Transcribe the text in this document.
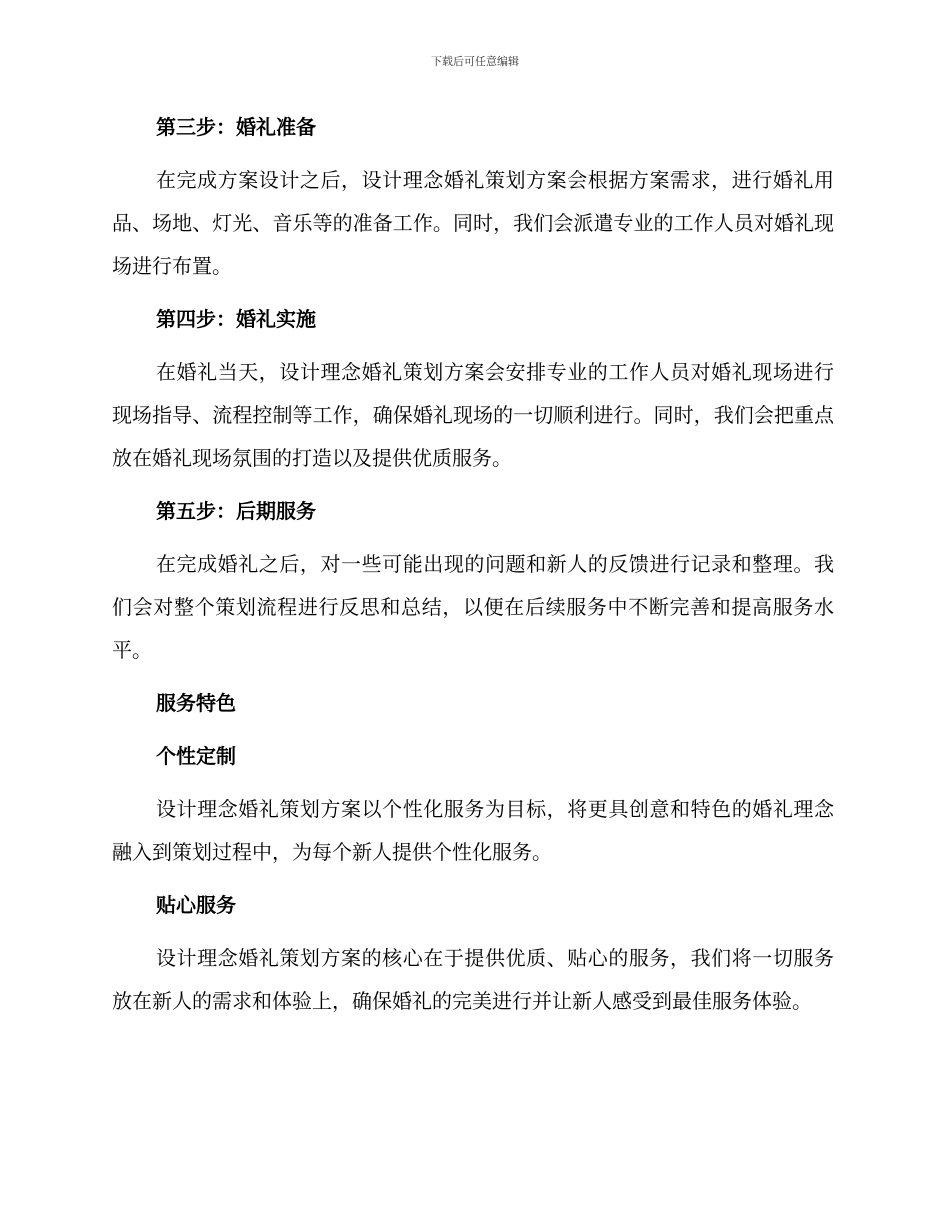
下载后可任意编辑
第三步：婚礼准备

在完成方案设计之后，设计理念婚礼策划方案会根据方案需求，进行婚礼用品、场地、灯光、音乐等的准备工作。同时，我们会派遣专业的工作人员对婚礼现场进行布置。

第四步：婚礼实施

在婚礼当天，设计理念婚礼策划方案会安排专业的工作人员对婚礼现场进行现场指导、流程控制等工作，确保婚礼现场的一切顺利进行。同时，我们会把重点放在婚礼现场氛围的打造以及提供优质服务。

第五步：后期服务

在完成婚礼之后，对一些可能出现的问题和新人的反馈进行记录和整理。我们会对整个策划流程进行反思和总结，以便在后续服务中不断完善和提高服务水平。

服务特色
个性定制

设计理念婚礼策划方案以个性化服务为目标，将更具创意和特色的婚礼理念融入到策划过程中，为每个新人提供个性化服务。

贴心服务

设计理念婚礼策划方案的核心在于提供优质、贴心的服务，我们将一切服务放在新人的需求和体验上，确保婚礼的完美进行并让新人感受到最佳服务体验。
